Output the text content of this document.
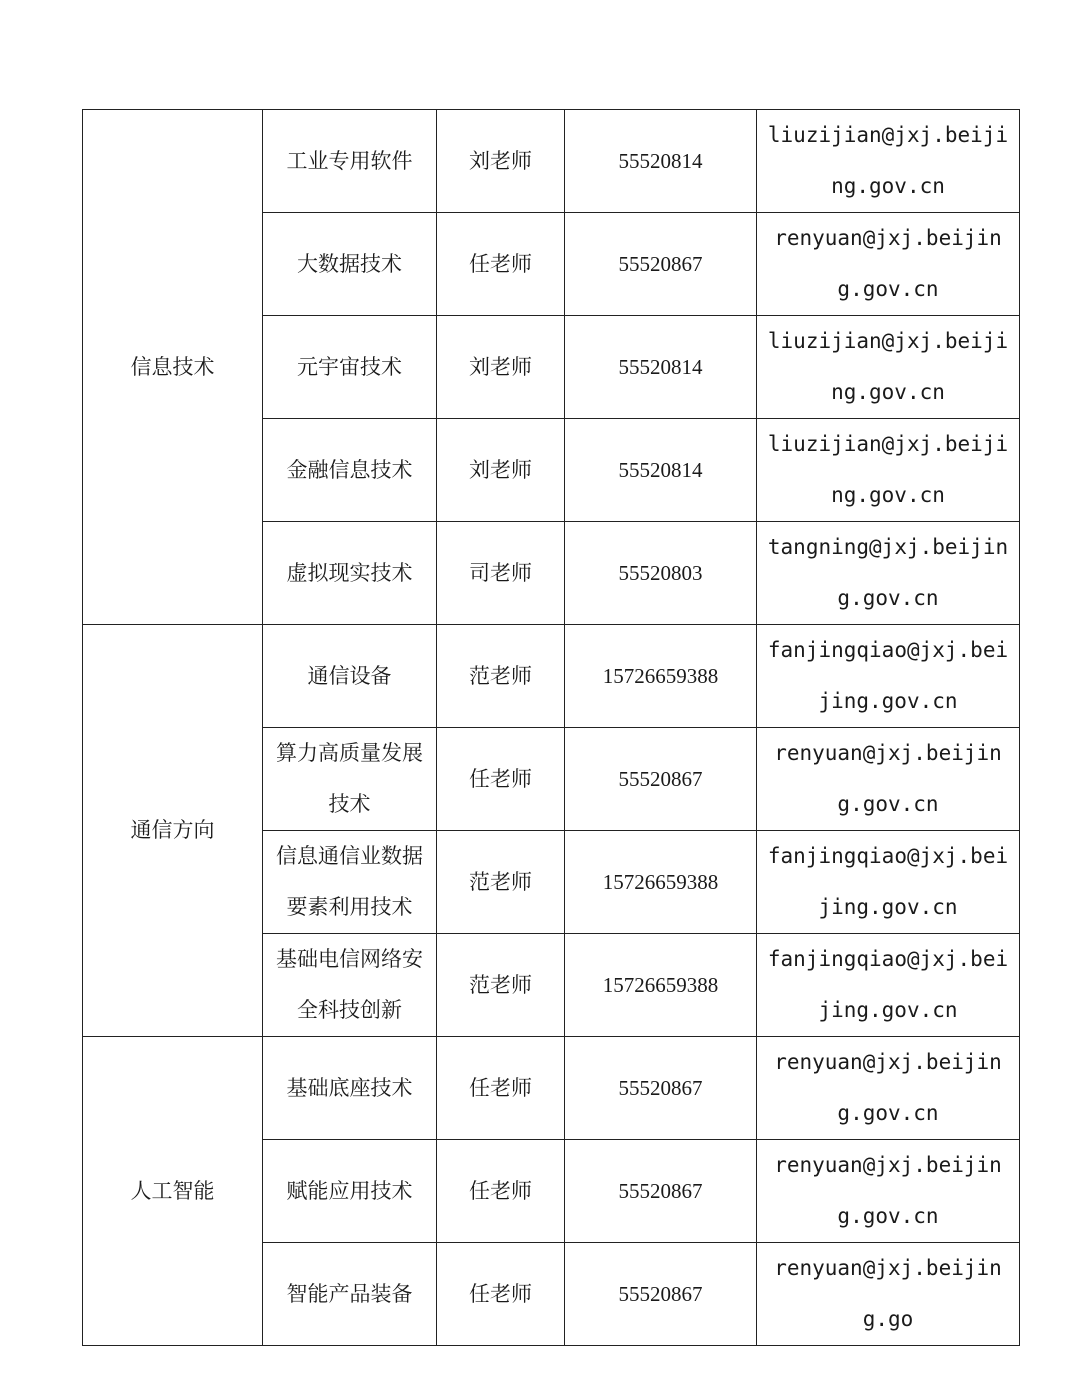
信息技术	工业专用软件	刘老师	55520814	liuzijian@jxj.beijing.gov.cn
	大数据技术	任老师	55520867	renyuan@jxj.beijing.gov.cn
	元宇宙技术	刘老师	55520814	liuzijian@jxj.beijing.gov.cn
	金融信息技术	刘老师	55520814	liuzijian@jxj.beijing.gov.cn
	虚拟现实技术	司老师	55520803	tangning@jxj.beijing.gov.cn
通信方向	通信设备	范老师	15726659388	fanjingqiao@jxj.beijing.gov.cn
	算力高质量发展技术	任老师	55520867	renyuan@jxj.beijing.gov.cn
	信息通信业数据要素利用技术	范老师	15726659388	fanjingqiao@jxj.beijing.gov.cn
	基础电信网络安全科技创新	范老师	15726659388	fanjingqiao@jxj.beijing.gov.cn
人工智能	基础底座技术	任老师	55520867	renyuan@jxj.beijing.gov.cn
	赋能应用技术	任老师	55520867	renyuan@jxj.beijing.gov.cn
	智能产品装备	任老师	55520867	renyuan@jxj.beijing.go
